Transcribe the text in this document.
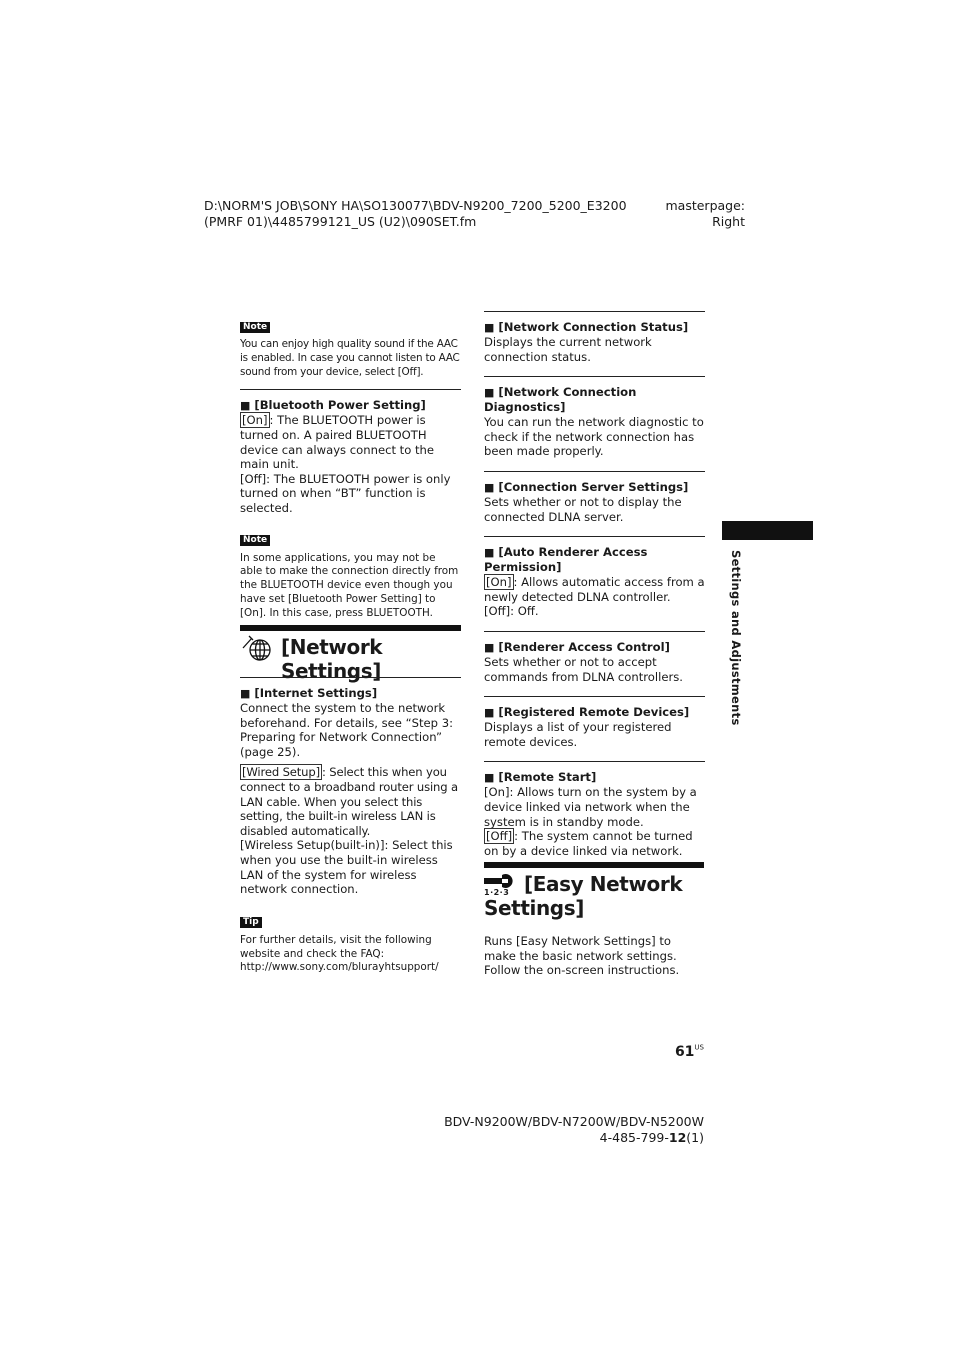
D:\NORM'S JOB\SONY HA\SO130077\BDV-N9200_7200_5200_E3200
(PMRF 01)\4485799121_US (U2)\090SET.fm
masterpage:
Right
Note

You can enjoy high quality sound if the AAC is enabled. In case you cannot listen to AAC sound from your device, select [Off].

■ [Bluetooth Power Setting]

[On] : The BLUETOOTH power is turned on. A paired BLUETOOTH device can always connect to the main unit.

[Off]: The BLUETOOTH power is only turned on when “BT” function is selected.

Note

In some applications, you may not be able to make the connection directly from the BLUETOOTH device even though you have set [Bluetooth Power Setting] to [On]. In this case, press BLUETOOTH.

[Network Settings]
■ [Internet Settings]

Connect the system to the network beforehand. For details, see “Step 3: Preparing for Network Connection” (page 25).

[Wired Setup] : Select this when you connect to a broadband router using a LAN cable. When you select this setting, the built-in wireless LAN is disabled automatically.

[Wireless Setup(built-in)]: Select this when you use the built-in wireless LAN of the system for wireless network connection.

Tip

For further details, visit the following website and check the FAQ:

http://www.sony.com/blurayhtsupport/

■ [Network Connection Status]

Displays the current network connection status.

■ [Network Connection Diagnostics]

You can run the network diagnostic to check if the network connection has been made properly.

■ [Connection Server Settings]

Sets whether or not to display the connected DLNA server.

■ [Auto Renderer Access Permission]

[On] : Allows automatic access from a newly detected DLNA controller.

[Off]: Off.

■ [Renderer Access Control]

Sets whether or not to accept commands from DLNA controllers.

■ [Registered Remote Devices]

Displays a list of your registered remote devices.

■ [Remote Start]

[On]: Allows turn on the system by a device linked via network when the system is in standby mode.

[Off] : The system cannot be turned on by a device linked via network.

1·2·3 [Easy Network
Settings]

Runs [Easy Network Settings] to make the basic network settings. Follow the on-screen instructions.

Settings and Adjustments
$61^{US}$
BDV-N9200W/BDV-N7200W/BDV-N5200W
4-485-799-12(1)
